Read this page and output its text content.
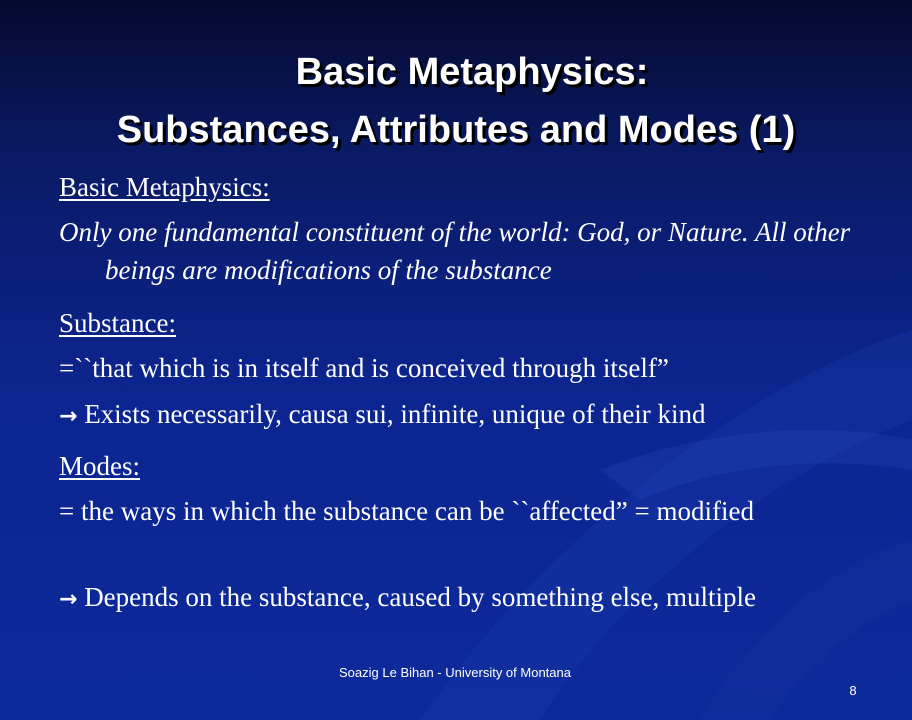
Basic Metaphysics:
Substances, Attributes and Modes (1)

Basic Metaphysics:

Only one fundamental constituent of the world: God, or Nature. All other beings are modifications of the substance

Substance:

=``that which is in itself and is conceived through itself”

→ Exists necessarily, causa sui, infinite, unique of their kind

Modes:

= the ways in which the substance can be ``affected” = modified

→ Depends on the substance, caused by something else, multiple

Soazig Le Bihan - University of Montana
8
